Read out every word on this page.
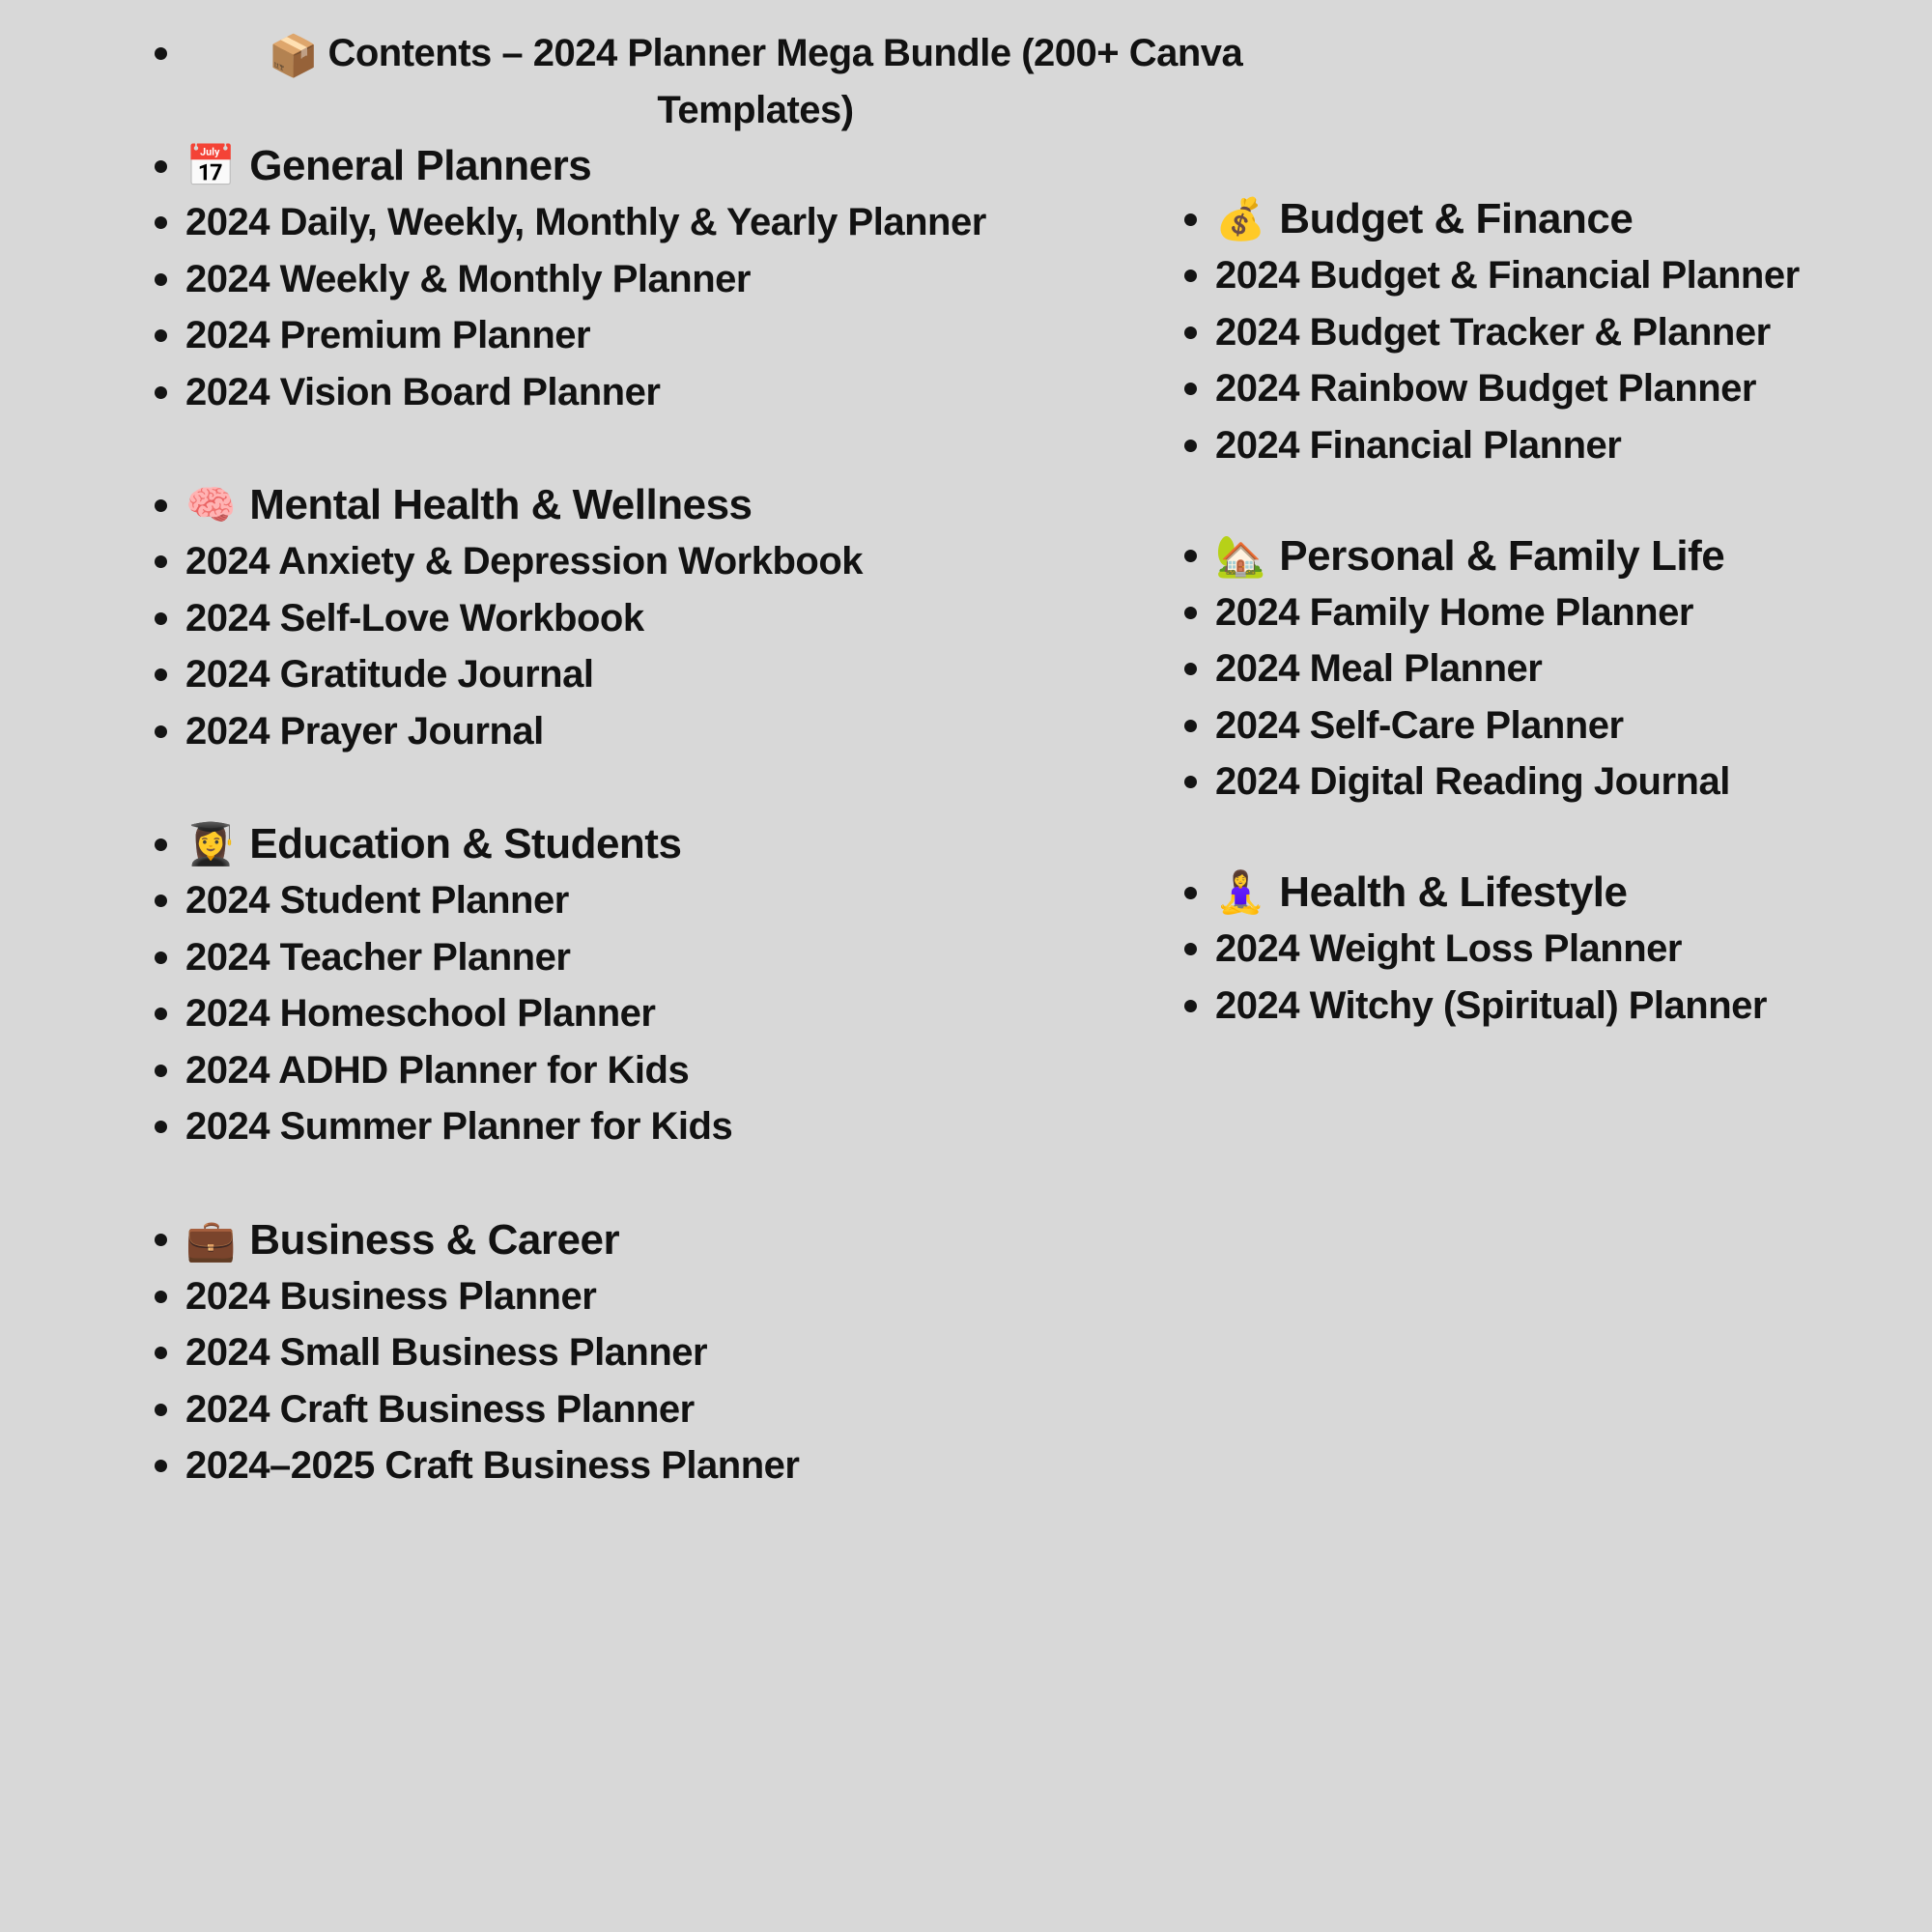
📦 Contents – 2024 Planner Mega Bundle (200+ Canva
Templates)
📅 General Planners
2024 Daily, Weekly, Monthly & Yearly Planner
2024 Weekly & Monthly Planner
2024 Premium Planner
2024 Vision Board Planner
🧠 Mental Health & Wellness
2024 Anxiety & Depression Workbook
2024 Self-Love Workbook
2024 Gratitude Journal
2024 Prayer Journal
👩‍🎓 Education & Students
2024 Student Planner
2024 Teacher Planner
2024 Homeschool Planner
2024 ADHD Planner for Kids
2024 Summer Planner for Kids
💼 Business & Career
2024 Business Planner
2024 Small Business Planner
2024 Craft Business Planner
2024–2025 Craft Business Planner
💰 Budget & Finance
2024 Budget & Financial Planner
2024 Budget Tracker & Planner
2024 Rainbow Budget Planner
2024 Financial Planner
🏡 Personal & Family Life
2024 Family Home Planner
2024 Meal Planner
2024 Self-Care Planner
2024 Digital Reading Journal
🧘‍♀️ Health & Lifestyle
2024 Weight Loss Planner
2024 Witchy (Spiritual) Planner
